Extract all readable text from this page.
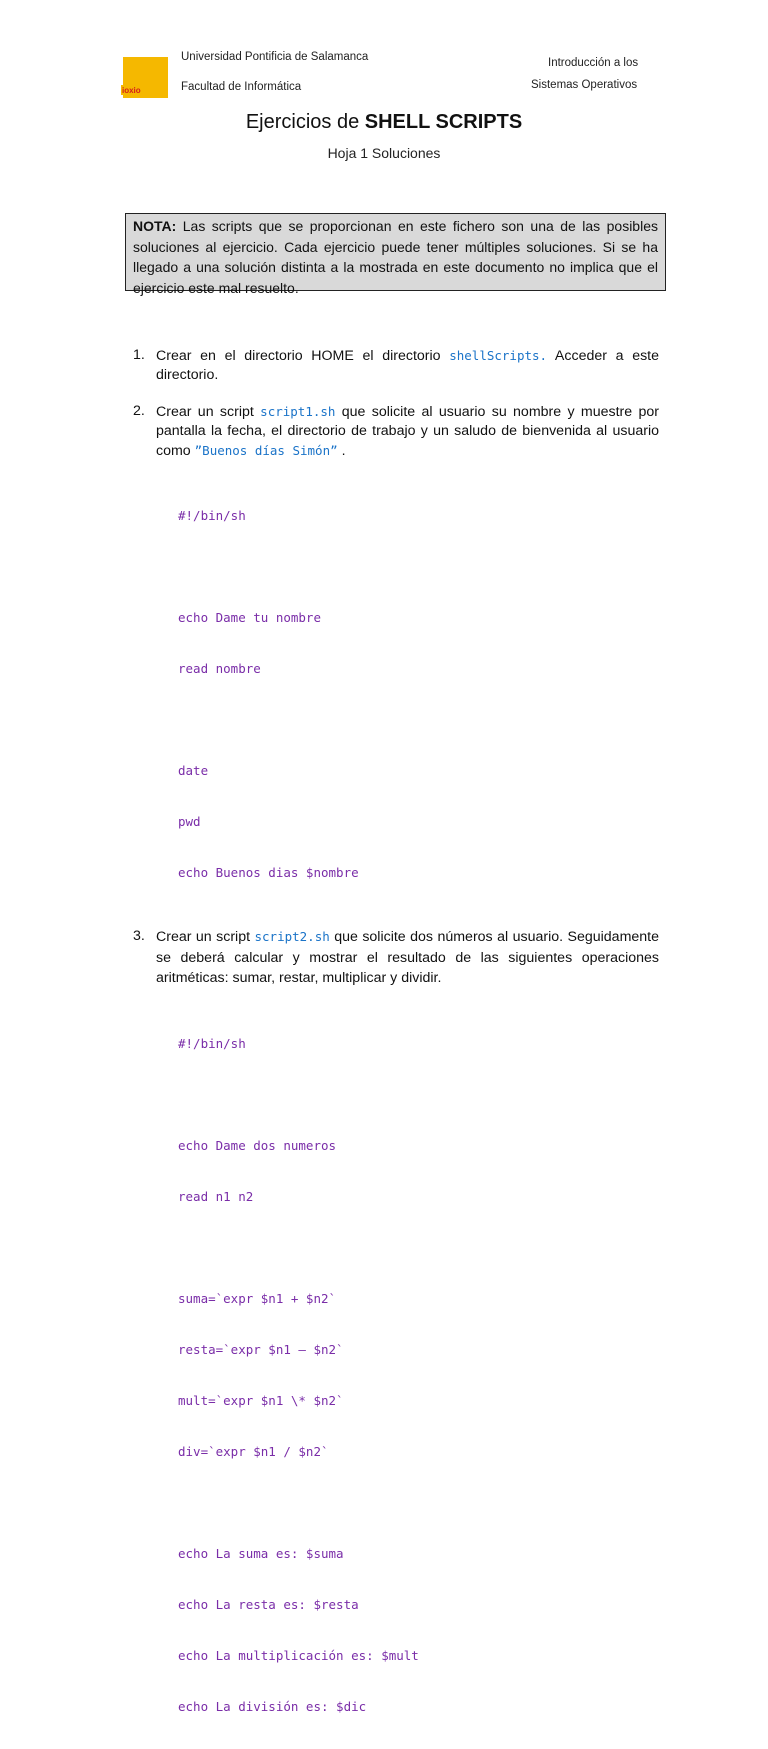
ioxio
Universidad Pontificia de Salamanca
Facultad de Informática
Introducción a los
Sistemas Operativos
Ejercicios de SHELL SCRIPTS
Hoja 1 Soluciones
NOTA: Las scripts que se proporcionan en este fichero son una de las posibles soluciones al ejercicio. Cada ejercicio puede tener múltiples soluciones. Si se ha llegado a una solución distinta a la mostrada en este documento no implica que el ejercicio este mal resuelto.
1. Crear en el directorio HOME el directorio shellScripts. Acceder a este directorio.
2. Crear un script script1.sh que solicite al usuario su nombre y muestre por pantalla la fecha, el directorio de trabajo y un saludo de bienvenida al usuario como ”Buenos días Simón” .

#!/bin/sh

echo Dame tu nombre

read nombre

date

pwd

echo Buenos dias $nombre

3. Crear un script script2.sh que solicite dos números al usuario. Seguidamente se deberá calcular y mostrar el resultado de las siguientes operaciones aritméticas: sumar, restar, multiplicar y dividir.

#!/bin/sh

echo Dame dos numeros

read n1 n2

suma=`expr $n1 + $n2`

resta=`expr $n1 – $n2`

mult=`expr $n1 \* $n2`

div=`expr $n1 / $n2`

echo La suma es: $suma

echo La resta es: $resta

echo La multiplicación es: $mult

echo La división es: $dic
